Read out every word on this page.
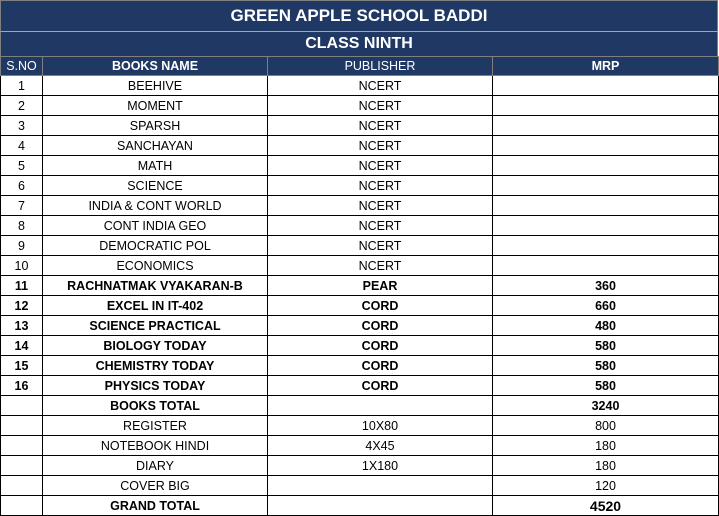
GREEN APPLE SCHOOL BADDI
CLASS NINTH
S.NO	BOOKS NAME	PUBLISHER	MRP
1	BEEHIVE	NCERT	
2	MOMENT	NCERT	
3	SPARSH	NCERT	
4	SANCHAYAN	NCERT	
5	MATH	NCERT	
6	SCIENCE	NCERT	
7	INDIA & CONT WORLD	NCERT	
8	CONT INDIA GEO	NCERT	
9	DEMOCRATIC POL	NCERT	
10	ECONOMICS	NCERT	
11	RACHNATMAK VYAKARAN-B	PEAR	360
12	EXCEL IN IT-402	CORD	660
13	SCIENCE PRACTICAL	CORD	480
14	BIOLOGY TODAY	CORD	580
15	CHEMISTRY TODAY	CORD	580
16	PHYSICS TODAY	CORD	580
	BOOKS TOTAL		3240
	REGISTER	10X80	800
	NOTEBOOK HINDI	4X45	180
	DIARY	1X180	180
	COVER BIG		120
	GRAND TOTAL		4520
